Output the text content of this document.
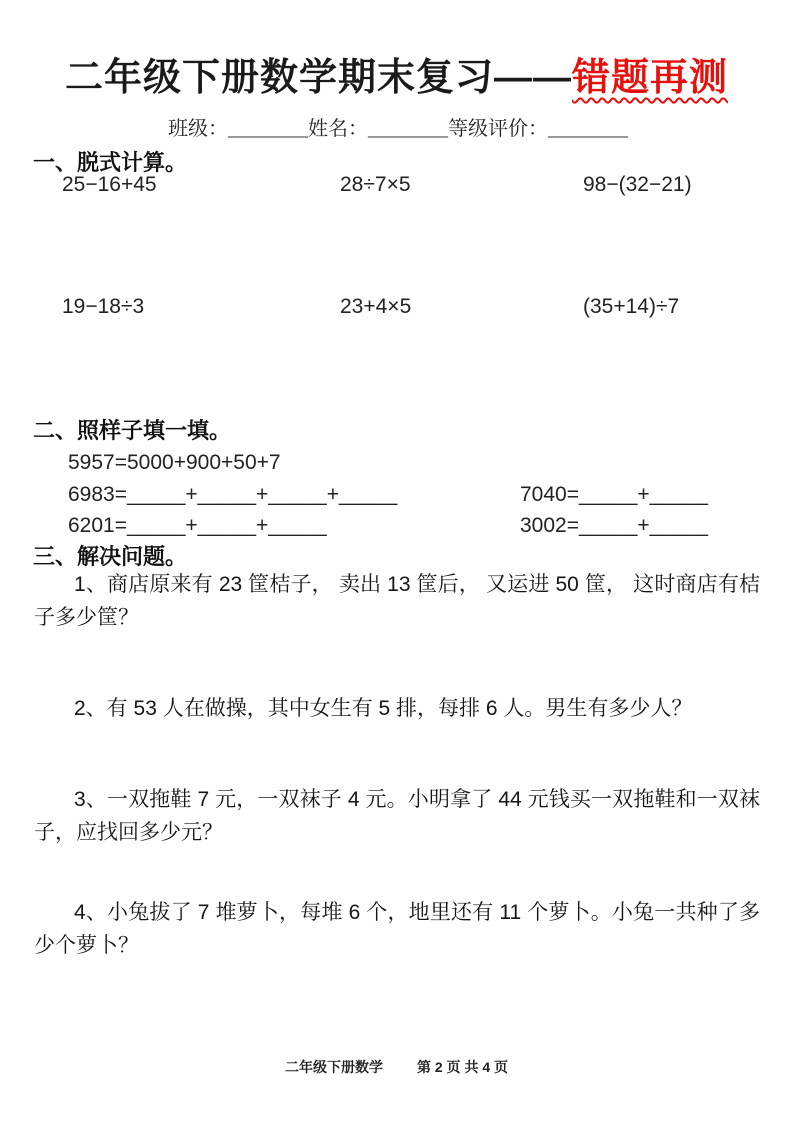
二年级下册数学期末复习——错题再测
班级：________姓名：________等级评价：________
一、脱式计算。
25−16+45	28÷7×5	98−(32−21)
19−18÷3	23+4×5	(35+14)÷7
二、照样子填一填。
5957=5000+900+50+7
6983=_____+_____+_____+_____	7040=_____+_____
6201=_____+_____+_____	3002=_____+_____
三、解决问题。
1、商店原来有 23 筐桔子， 卖出 13 筐后， 又运进 50 筐， 这时商店有桔子多少筐？
2、有 53 人在做操，其中女生有 5 排，每排 6 人。男生有多少人？
3、一双拖鞋 7 元，一双袜子 4 元。小明拿了 44 元钱买一双拖鞋和一双袜子，应找回多少元？
4、小兔拔了 7 堆萝卜，每堆 6 个，地里还有 11 个萝卜。小兔一共种了多少个萝卜？
二年级下册数学 第 2 页 共 4 页
